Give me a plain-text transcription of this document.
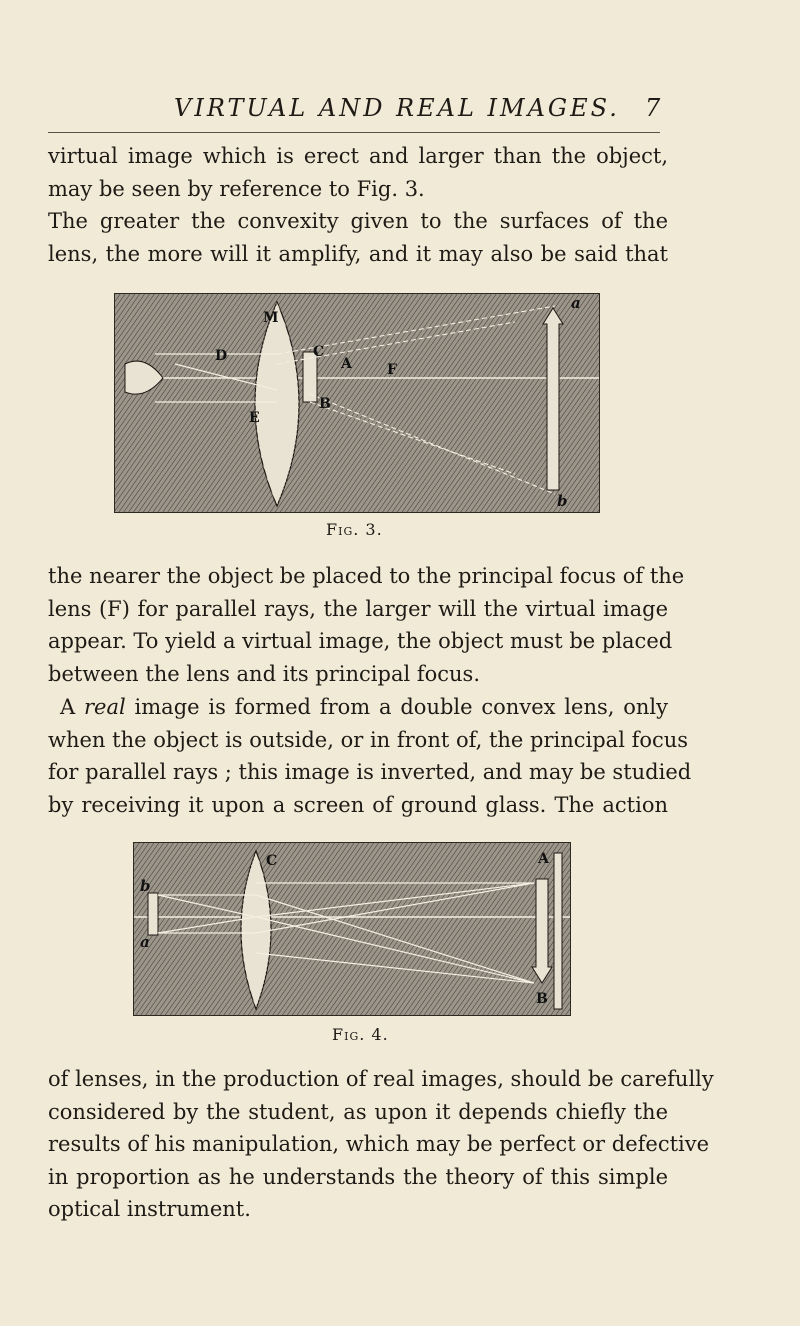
VIRTUAL AND REAL IMAGES. 7

virtual image which is erect and larger than the object,
may be seen by reference to Fig. 3.
The greater the convexity given to the surfaces of the
lens, the more will it amplify, and it may also be said that

M
D	C
A	F
B
E
a
b
Fig. 3.

the nearer the object be placed to the principal focus of the
lens (F) for parallel rays, the larger will the virtual image
appear. To yield a virtual image, the object must be placed
between the lens and its principal focus.

A real image is formed from a double convex lens, only
when the object is outside, or in front of, the principal focus
for parallel rays ; this image is inverted, and may be studied
by receiving it upon a screen of ground glass. The action

C	A
b
a
B
Fig. 4.

of lenses, in the production of real images, should be carefully
considered by the student, as upon it depends chiefly the
results of his manipulation, which may be perfect or defective
in proportion as he understands the theory of this simple
optical instrument.
